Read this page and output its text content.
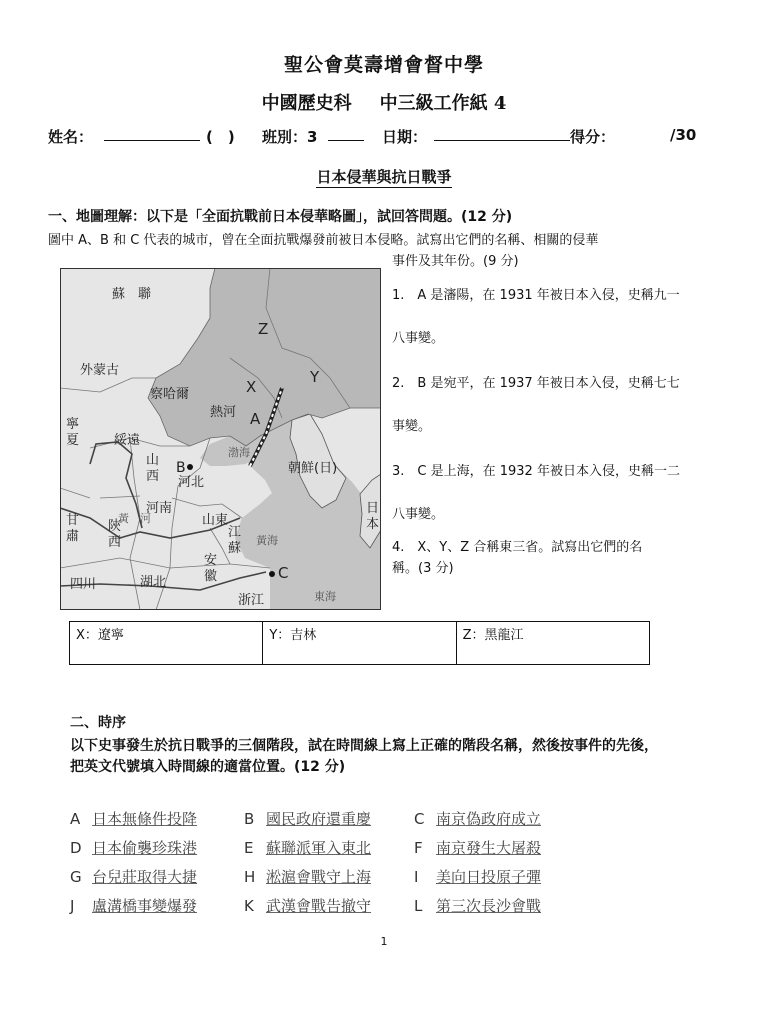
聖公會莫壽增會督中學
中國歷史科 中三級工作紙 4
姓名：	(　) 班別：3	日期：	得分：	/30
日本侵華與抗日戰爭
一、地圖理解：以下是「全面抗戰前日本侵華略圖」，試回答問題。(12 分)
圖中 A、B 和 C 代表的城市，曾在全面抗戰爆發前被日本侵略。試寫出它們的名稱、相關的侵華
事件及其年份。(9 分)
蘇　聯
Z
外蒙古	Y
X
察哈爾
熱河 A
綏遠
B
河北
渤海
河南
山東
黃　河
黃海
四川	湖北
C
浙江	東海
朝鮮(日)
寧夏
山西
甘肅
陝西
江蘇
安徽
日本
1.　A 是瀋陽，在 1931 年被日本入侵，史稱九一
八事變。
2.　B 是宛平，在 1937 年被日本入侵，史稱七七
事變。
3.　C 是上海，在 1932 年被日本入侵，史稱一二
八事變。
4.　X、Y、Z 合稱東三省。試寫出它們的名
稱。(3 分)
X：遼寧	Y：吉林	Z：黑龍江
二、時序
以下史事發生於抗日戰爭的三個階段，試在時間線上寫上正確的階段名稱，然後按事件的先後，
把英文代號填入時間線的適當位置。(12 分)
A 日本無條件投降	B 國民政府還重慶	C 南京偽政府成立
D 日本偷襲珍珠港	E 蘇聯派軍入東北	F 南京發生大屠殺
G 台兒莊取得大捷	H 淞滬會戰守上海	I 美向日投原子彈
J 盧溝橋事變爆發	K 武漢會戰告撤守	L 第三次長沙會戰
1
